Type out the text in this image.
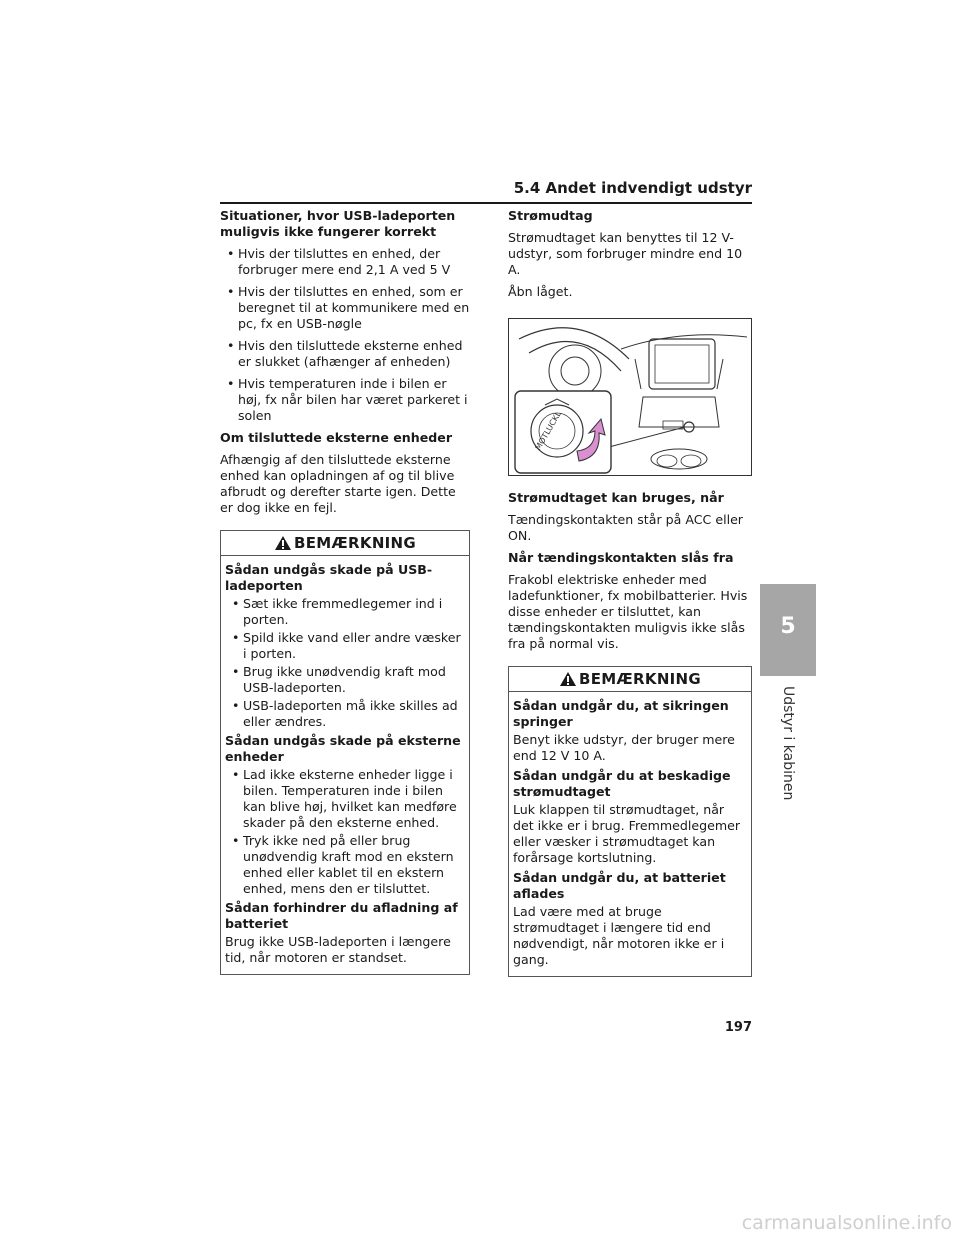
5.4 Andet indvendigt udstyr
Situationer, hvor USB-ladeporten muligvis ikke fungerer korrekt
• Hvis der tilsluttes en enhed, der forbruger mere end 2,1 A ved 5 V
• Hvis der tilsluttes en enhed, som er beregnet til at kommunikere med en pc, fx en USB-nøgle
• Hvis den tilsluttede eksterne enhed er slukket (afhænger af enheden)
• Hvis temperaturen inde i bilen er høj, fx når bilen har været parkeret i solen
Om tilsluttede eksterne enheder
Afhængig af den tilsluttede eksterne enhed kan opladningen af og til blive afbrudt og derefter starte igen. Dette er dog ikke en fejl.
BEMÆRKNING
Sådan undgås skade på USB-ladeporten
• Sæt ikke fremmedlegemer ind i porten.
• Spild ikke vand eller andre væsker i porten.
• Brug ikke unødvendig kraft mod USB-ladeporten.
• USB-ladeporten må ikke skilles ad eller ændres.
Sådan undgås skade på eksterne enheder
• Lad ikke eksterne enheder ligge i bilen. Temperaturen inde i bilen kan blive høj, hvilket kan medføre skader på den eksterne enhed.
• Tryk ikke ned på eller brug unødvendig kraft mod en ekstern enhed eller kablet til en ekstern enhed, mens den er tilsluttet.
Sådan forhindrer du afladning af batteriet
Brug ikke USB-ladeporten i længere tid, når motoren er standset.
Strømudtag
Strømudtaget kan benyttes til 12 V-udstyr, som forbruger mindre end 10 A.
Åbn låget.
MOTLUCKL
Strømudtaget kan bruges, når
Tændingskontakten står på ACC eller ON.
Når tændingskontakten slås fra
Frakobl elektriske enheder med ladefunktioner, fx mobilbatterier. Hvis disse enheder er tilsluttet, kan tændingskontakten muligvis ikke slås fra på normal vis.
BEMÆRKNING
Sådan undgår du, at sikringen springer
Benyt ikke udstyr, der bruger mere end 12 V 10 A.
Sådan undgår du at beskadige strømudtaget
Luk klappen til strømudtaget, når det ikke er i brug. Fremmedlegemer eller væsker i strømudtaget kan forårsage kortslutning.
Sådan undgår du, at batteriet aflades
Lad være med at bruge strømudtaget i længere tid end nødvendigt, når motoren ikke er i gang.
5
Udstyr i kabinen
197
carmanualsonline.info
